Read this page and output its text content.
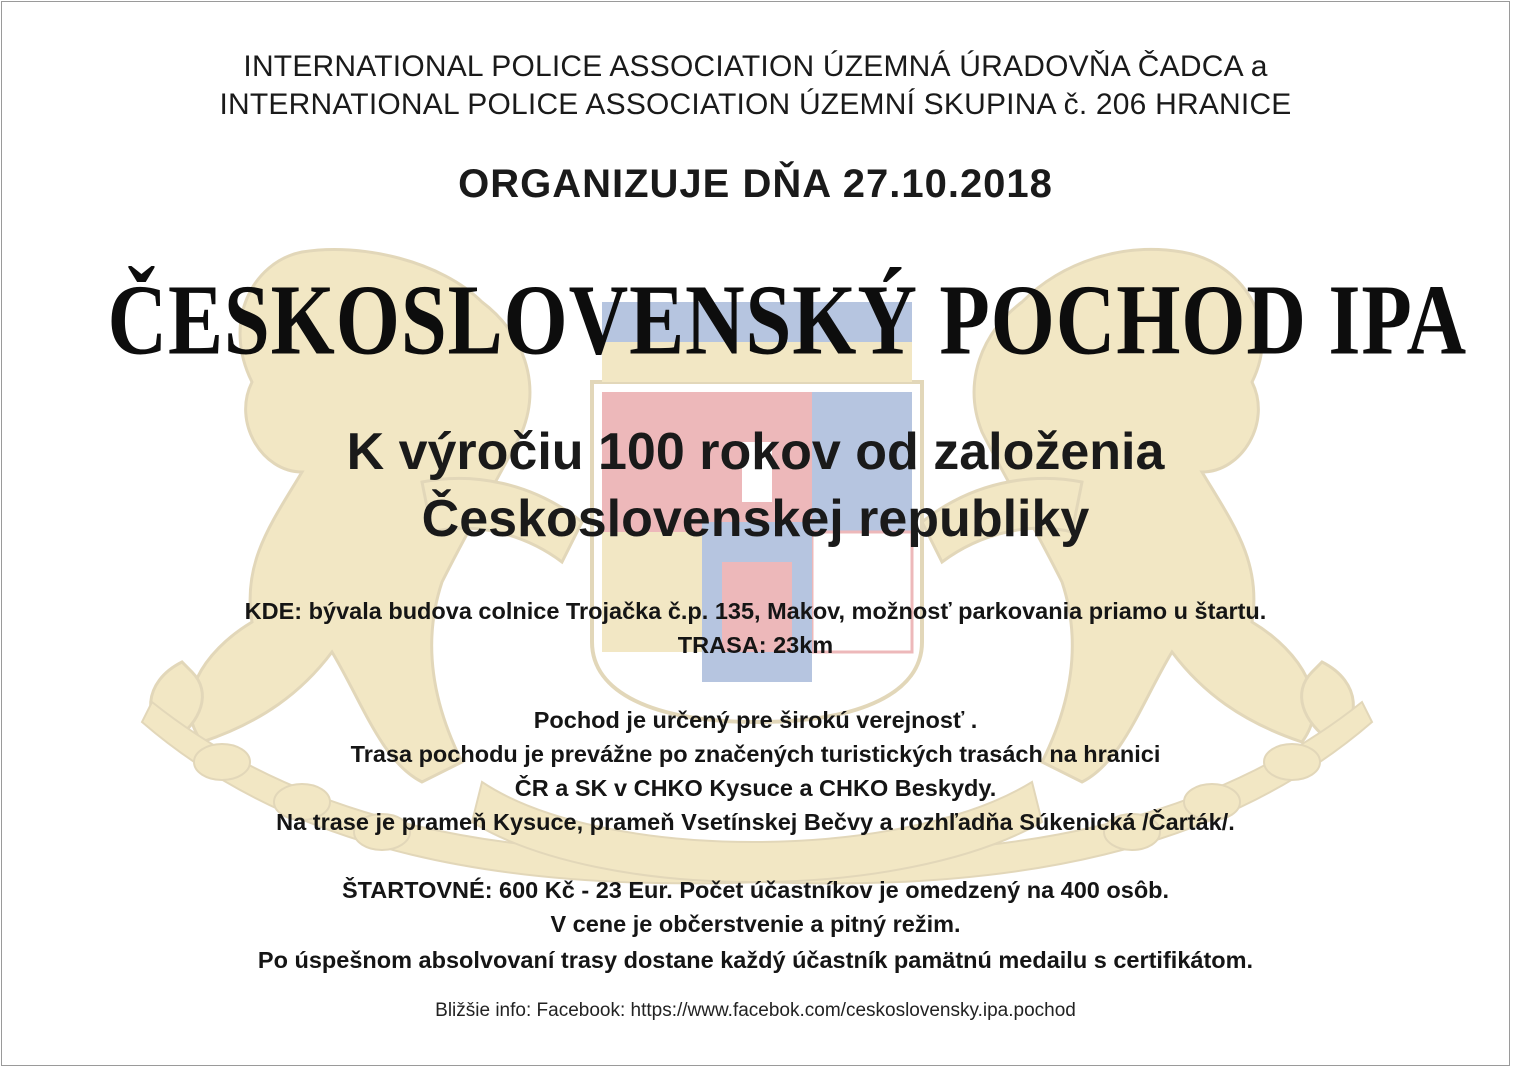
INTERNATIONAL POLICE ASSOCIATION ÚZEMNÁ ÚRADOVŇA ČADCA a
INTERNATIONAL POLICE ASSOCIATION ÚZEMNÍ SKUPINA č. 206 HRANICE
ORGANIZUJE DŇA 27.10.2018
ČESKOSLOVENSKÝ POCHOD IPA
K výročiu 100 rokov od založenia
Československej republiky
KDE: bývala budova colnice Trojačka č.p. 135, Makov, možnosť parkovania priamo u štartu.
TRASA: 23km
Pochod je určený pre širokú verejnosť .
Trasa pochodu je prevážne po značených turistických trasách na hranici
ČR a SK v CHKO Kysuce a CHKO Beskydy.
Na trase je prameň Kysuce, prameň Vsetínskej Bečvy a rozhľadňa Súkenická /Čarták/.
ŠTARTOVNÉ: 600 Kč - 23 Eur. Počet účastníkov je omedzený na 400 osôb.
V cene je občerstvenie a pitný režim.
Po úspešnom absolvovaní trasy dostane každý účastník pamätnú medailu s certifikátom.
Bližšie info: Facebook: https://www.facebok.com/ceskoslovensky.ipa.pochod
